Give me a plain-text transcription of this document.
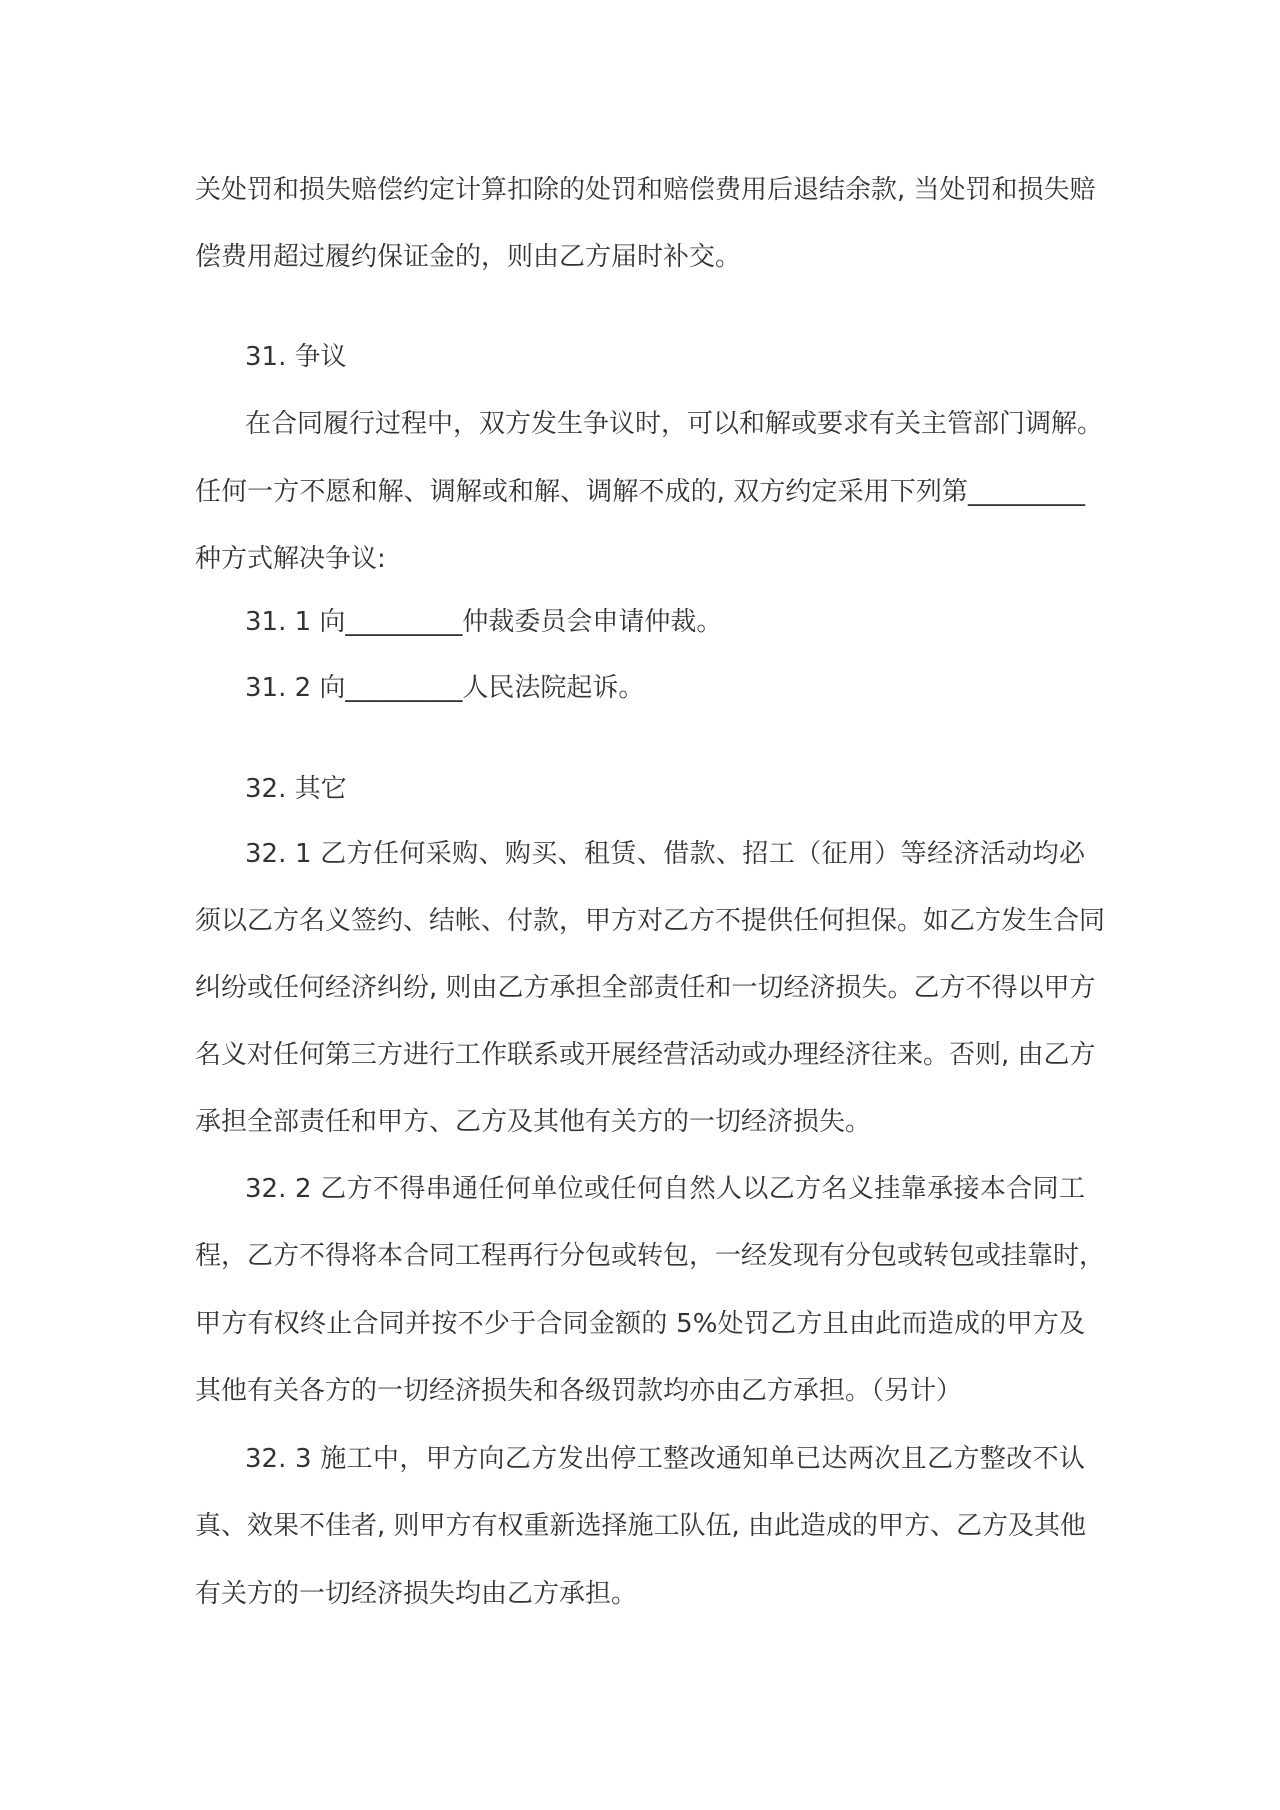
关处罚和损失赔偿约定计算扣除的处罚和赔偿费用后退结余款, 当处罚和损失赔
偿费用超过履约保证金的，则由乙方届时补交。
31. 争议
在合同履行过程中，双方发生争议时，可以和解或要求有关主管部门调解。
任何一方不愿和解、调解或和解、调解不成的, 双方约定采用下列第_________
种方式解决争议:
31. 1 向_________仲裁委员会申请仲裁。
31. 2 向_________人民法院起诉。
32. 其它
32. 1 乙方任何采购、购买、租赁、借款、招工（征用）等经济活动均必
须以乙方名义签约、结帐、付款，甲方对乙方不提供任何担保。如乙方发生合同
纠纷或任何经济纠纷, 则由乙方承担全部责任和一切经济损失。乙方不得以甲方
名义对任何第三方进行工作联系或开展经营活动或办理经济往来。否则, 由乙方
承担全部责任和甲方、乙方及其他有关方的一切经济损失。
32. 2 乙方不得串通任何单位或任何自然人以乙方名义挂靠承接本合同工
程，乙方不得将本合同工程再行分包或转包，一经发现有分包或转包或挂靠时，
甲方有权终止合同并按不少于合同金额的 5%处罚乙方且由此而造成的甲方及
其他有关各方的一切经济损失和各级罚款均亦由乙方承担。（另计）
32. 3 施工中，甲方向乙方发出停工整改通知单已达两次且乙方整改不认
真、效果不佳者, 则甲方有权重新选择施工队伍, 由此造成的甲方、乙方及其他
有关方的一切经济损失均由乙方承担。
